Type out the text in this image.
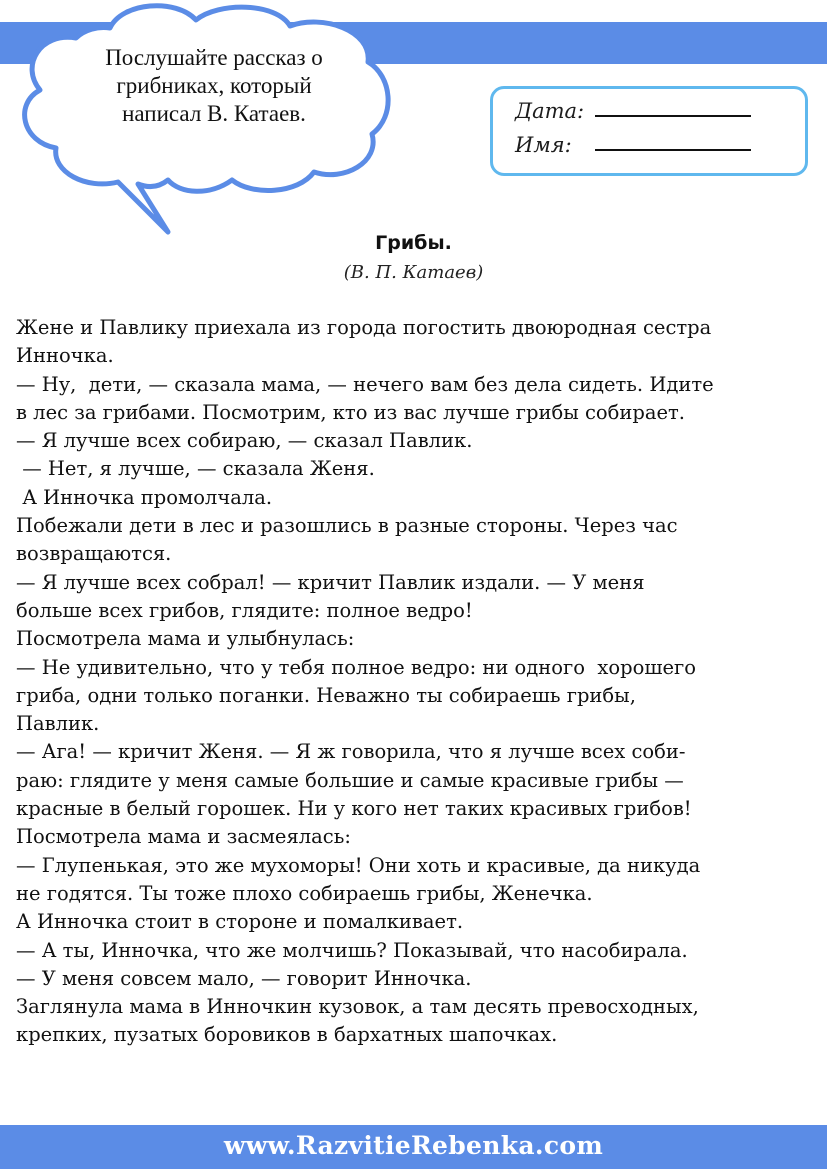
Послушайте рассказ о
грибниках, который
написал В. Катаев.	Дата:
Имя:
Грибы.
(В. П. Катаев)
Жене и Павлику приехала из города погостить двоюродная сестра
Инночка.
— Ну,  дети, — сказала мама, — нечего вам без дела сидеть. Идите
в лес за грибами. Посмотрим, кто из вас лучше грибы собирает.
— Я лучше всех собираю, — сказал Павлик.
— Нет, я лучше, — сказала Женя.
А Инночка промолчала.
Побежали дети в лес и разошлись в разные стороны. Через час
возвращаются.
— Я лучше всех собрал! — кричит Павлик издали. — У меня
больше всех грибов, глядите: полное ведро!
Посмотрела мама и улыбнулась:
— Не удивительно, что у тебя полное ведро: ни одного  хорошего
гриба, одни только поганки. Неважно ты собираешь грибы,
Павлик.
— Ага! — кричит Женя. — Я ж говорила, что я лучше всех соби-
раю: глядите у меня самые большие и самые красивые грибы —
красные в белый горошек. Ни у кого нет таких красивых грибов!
Посмотрела мама и засмеялась:
— Глупенькая, это же мухоморы! Они хоть и красивые, да никуда
не годятся. Ты тоже плохо собираешь грибы, Женечка.
А Инночка стоит в стороне и помалкивает.
— А ты, Инночка, что же молчишь? Показывай, что насобирала.
— У меня совсем мало, — говорит Инночка.
Заглянула мама в Инночкин кузовок, а там десять превосходных,
крепких, пузатых боровиков в бархатных шапочках.
www.RazvitieRebenka.com
